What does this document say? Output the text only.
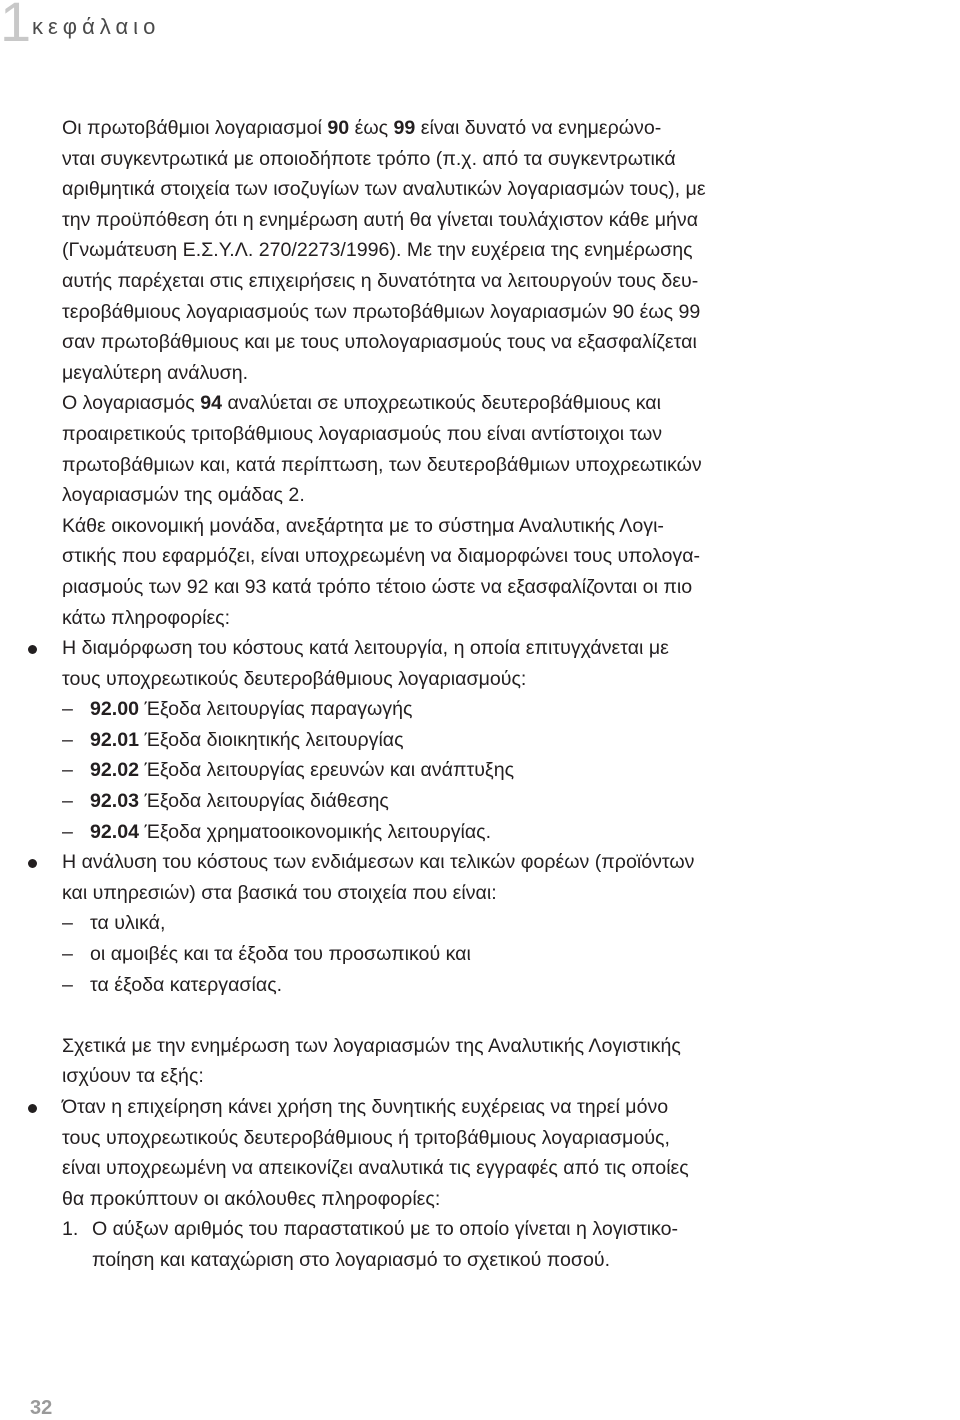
1 κεφάλαιο
Οι πρωτοβάθμιοι λογαριασμοί 90 έως 99 είναι δυνατό να ενημερώνο-
νται συγκεντρωτικά με οποιοδήποτε τρόπο (π.χ. από τα συγκεντρωτικά
αριθμητικά στοιχεία των ισοζυγίων των αναλυτικών λογαριασμών τους), με
την προϋπόθεση ότι η ενημέρωση αυτή θα γίνεται τουλάχιστον κάθε μήνα
(Γνωμάτευση Ε.Σ.Υ.Λ. 270/2273/1996). Με την ευχέρεια της ενημέρωσης
αυτής παρέχεται στις επιχειρήσεις η δυνατότητα να λειτουργούν τους δευ-
τεροβάθμιους λογαριασμούς των πρωτοβάθμιων λογαριασμών 90 έως 99
σαν πρωτοβάθμιους και με τους υπολογαριασμούς τους να εξασφαλίζεται
μεγαλύτερη ανάλυση.
Ο λογαριασμός 94 αναλύεται σε υποχρεωτικούς δευτεροβάθμιους και
προαιρετικούς τριτοβάθμιους λογαριασμούς που είναι αντίστοιχοι των
πρωτοβάθμιων και, κατά περίπτωση, των δευτεροβάθμιων υποχρεωτικών
λογαριασμών της ομάδας 2.
Κάθε οικονομική μονάδα, ανεξάρτητα με το σύστημα Αναλυτικής Λογι-
στικής που εφαρμόζει, είναι υποχρεωμένη να διαμορφώνει τους υπολογα-
ριασμούς των 92 και 93 κατά τρόπο τέτοιο ώστε να εξασφαλίζονται οι πιο
κάτω πληροφορίες:
Η διαμόρφωση του κόστους κατά λειτουργία, η οποία επιτυγχάνεται με
τους υποχρεωτικούς δευτεροβάθμιους λογαριασμούς:
– 92.00 Έξοδα λειτουργίας παραγωγής
– 92.01 Έξοδα διοικητικής λειτουργίας
– 92.02 Έξοδα λειτουργίας ερευνών και ανάπτυξης
– 92.03 Έξοδα λειτουργίας διάθεσης
– 92.04 Έξοδα χρηματοοικονομικής λειτουργίας.
Η ανάλυση του κόστους των ενδιάμεσων και τελικών φορέων (προϊόντων
και υπηρεσιών) στα βασικά του στοιχεία που είναι:
– τα υλικά,
– οι αμοιβές και τα έξοδα του προσωπικού και
– τα έξοδα κατεργασίας.
Σχετικά με την ενημέρωση των λογαριασμών της Αναλυτικής Λογιστικής
ισχύουν τα εξής:
Όταν η επιχείρηση κάνει χρήση της δυνητικής ευχέρειας να τηρεί μόνο
τους υποχρεωτικούς δευτεροβάθμιους ή τριτοβάθμιους λογαριασμούς,
είναι υποχρεωμένη να απεικονίζει αναλυτικά τις εγγραφές από τις οποίες
θα προκύπτουν οι ακόλουθες πληροφορίες:
1. Ο αύξων αριθμός του παραστατικού με το οποίο γίνεται η λογιστικο-
ποίηση και καταχώριση στο λογαριασμό το σχετικού ποσού.
32
